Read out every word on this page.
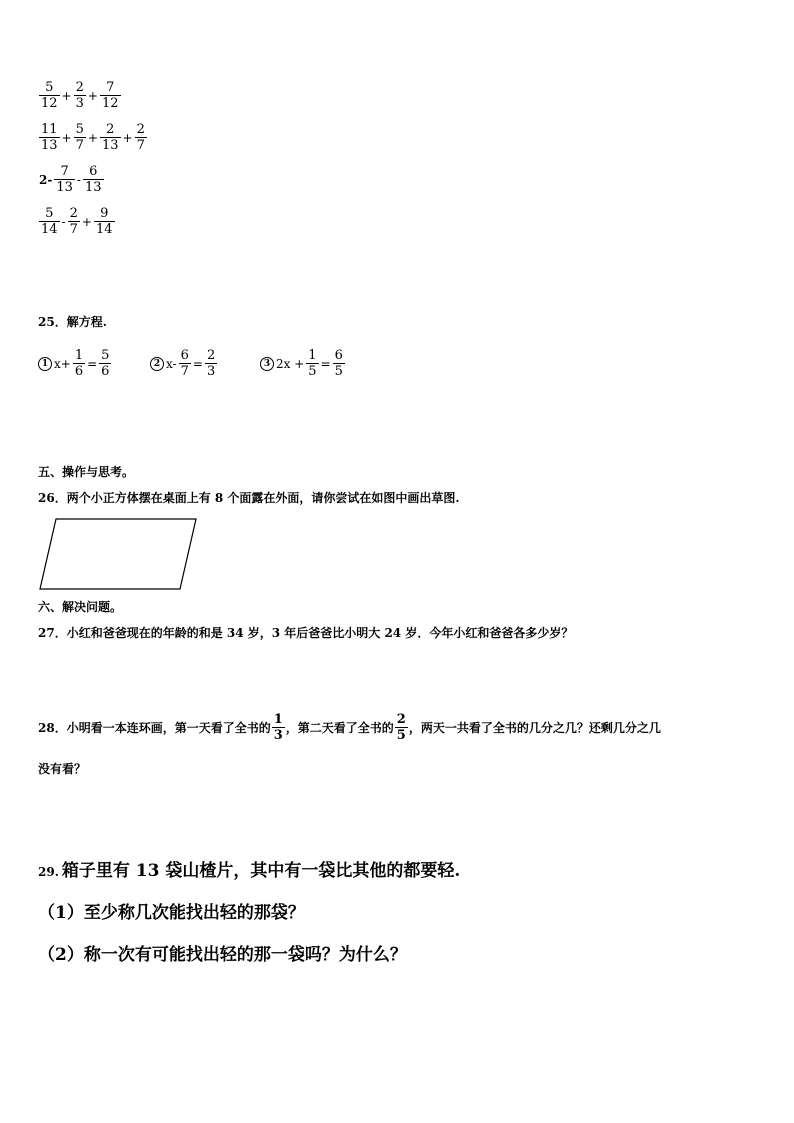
$\frac{5}{12} + \frac{2}{3} + \frac{7}{12}$
$\frac{11}{13} + \frac{5}{7} + \frac{2}{13} + \frac{2}{7}$
$2- \frac{7}{13} - \frac{6}{13}$
$\frac{5}{14} - \frac{2}{7} + \frac{9}{14}$
25．解方程.
1 $x+ \frac{1}{6} = \frac{5}{6}$	2 $x- \frac{6}{7} = \frac{2}{3}$	3 $2x + \frac{1}{5} = \frac{6}{5}$
五、操作与思考。
26．两个小正方体摆在桌面上有 8 个面露在外面，请你尝试在如图中画出草图.
六、解决问题。
27．小红和爸爸现在的年龄的和是 34 岁，3 年后爸爸比小明大 24 岁．今年小红和爸爸各多少岁？
28．小明看一本连环画，第一天看了全书的 $\frac{1}{3}$ ，第二天看了全书的 $\frac{2}{5}$ ，两天一共看了全书的几分之几？还剩几分之几
没有看？
29. 箱子里有 13 袋山楂片，其中有一袋比其他的都要轻.
（1）至少称几次能找出轻的那袋？
（2）称一次有可能找出轻的那一袋吗？为什么？
